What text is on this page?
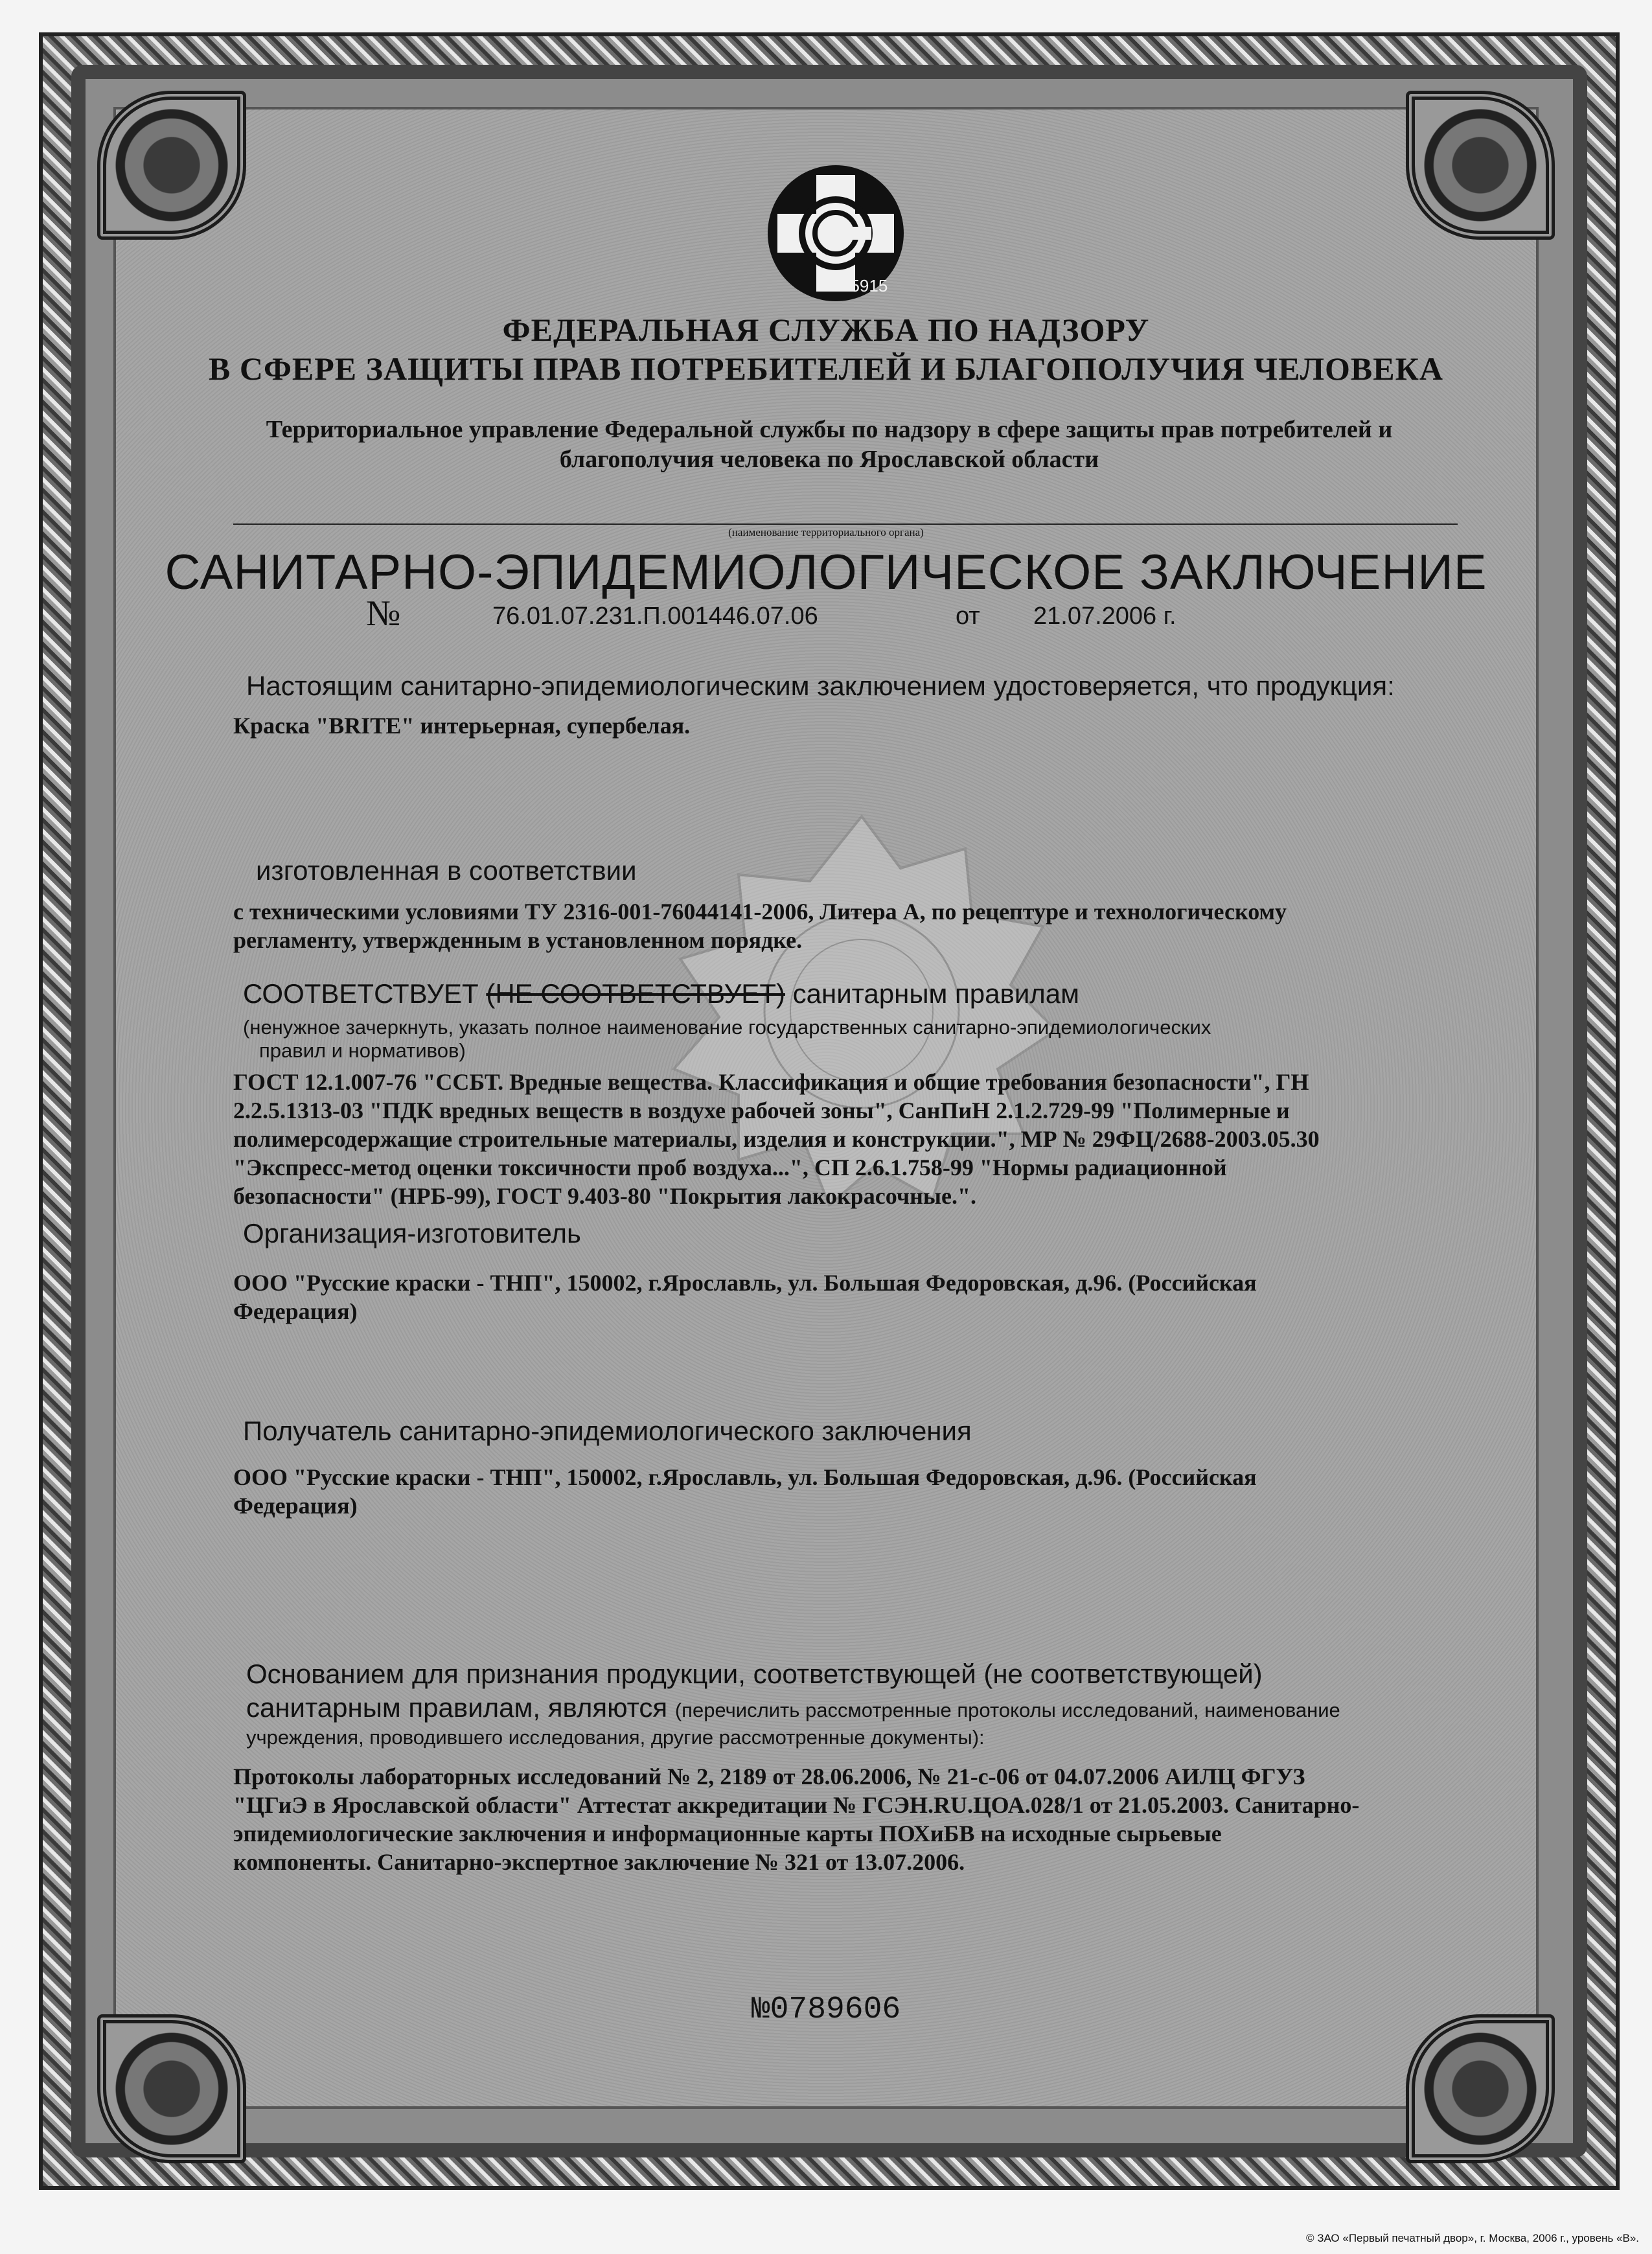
45915
ФЕДЕРАЛЬНАЯ СЛУЖБА ПО НАДЗОРУ
В СФЕРЕ ЗАЩИТЫ ПРАВ ПОТРЕБИТЕЛЕЙ И БЛАГОПОЛУЧИЯ ЧЕЛОВЕКА
Территориальное управление Федеральной службы по надзору в сфере защиты прав потребителей и
благополучия человека по Ярославской области
(наименование территориального органа)
САНИТАРНО-ЭПИДЕМИОЛОГИЧЕСКОЕ ЗАКЛЮЧЕНИЕ
№	76.01.07.231.П.001446.07.06	от 21.07.2006 г.
Настоящим санитарно-эпидемиологическим заключением удостоверяется, что продукция:
Краска "BRITE" интерьерная, супербелая.
изготовленная в соответствии
с техническими условиями ТУ 2316-001-76044141-2006, Литера А, по рецептуре и технологическому
регламенту, утвержденным в установленном порядке.
СООТВЕТСТВУЕТ (НЕ СООТВЕТСТВУЕТ) санитарным правилам
(ненужное зачеркнуть, указать полное наименование государственных санитарно-эпидемиологических
правил и нормативов)
ГОСТ 12.1.007-76 "ССБТ. Вредные вещества. Классификация и общие требования безопасности", ГН
2.2.5.1313-03 "ПДК вредных веществ в воздухе рабочей зоны", СанПиН 2.1.2.729-99 "Полимерные и
полимерсодержащие строительные материалы, изделия и конструкции.", МР № 29ФЦ/2688-2003.05.30
"Экспресс-метод оценки токсичности проб воздуха...", СП 2.6.1.758-99 "Нормы радиационной
безопасности" (НРБ-99), ГОСТ 9.403-80 "Покрытия лакокрасочные.".
Организация-изготовитель
ООО "Русские краски - ТНП", 150002, г.Ярославль, ул. Большая Федоровская, д.96. (Российская
Федерация)
Получатель санитарно-эпидемиологического заключения
ООО "Русские краски - ТНП", 150002, г.Ярославль, ул. Большая Федоровская, д.96. (Российская
Федерация)
Основанием для признания продукции, соответствующей (не соответствующей)
санитарным правилам, являются (перечислить рассмотренные протоколы исследований, наименование
учреждения, проводившего исследования, другие рассмотренные документы):
Протоколы лабораторных исследований № 2, 2189 от 28.06.2006, № 21-с-06 от 04.07.2006 АИЛЦ ФГУЗ
"ЦГиЭ в Ярославской области" Аттестат аккредитации № ГСЭН.RU.ЦОА.028/1 от 21.05.2003. Санитарно-
эпидемиологические заключения и информационные карты ПОХиБВ на исходные сырьевые
компоненты. Санитарно-экспертное заключение № 321 от 13.07.2006.
№0789606
© ЗАО «Первый печатный двор», г. Москва, 2006 г., уровень «В».
